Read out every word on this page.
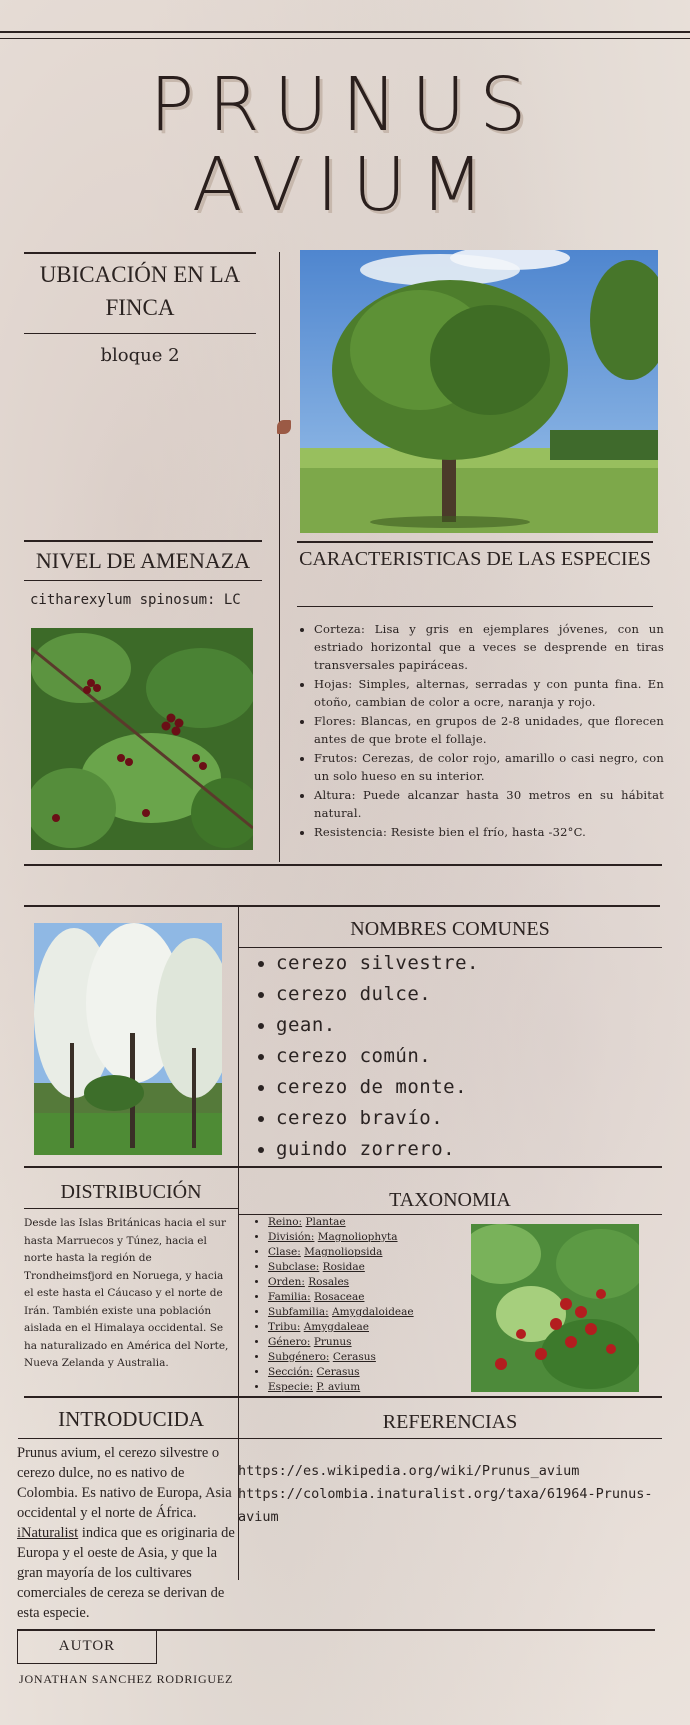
PRUNUS
AVIUM
UBICACIÓN EN LA FINCA
bloque 2
NIVEL DE AMENAZA
citharexylum spinosum: LC
CARACTERISTICAS DE LAS ESPECIES
• Corteza: Lisa y gris en ejemplares jóvenes, con un estriado horizontal que a veces se desprende en tiras transversales papiráceas.
• Hojas: Simples, alternas, serradas y con punta fina. En otoño, cambian de color a ocre, naranja y rojo.
• Flores: Blancas, en grupos de 2-8 unidades, que florecen antes de que brote el follaje.
• Frutos: Cerezas, de color rojo, amarillo o casi negro, con un solo hueso en su interior.
• Altura: Puede alcanzar hasta 30 metros en su hábitat natural.
• Resistencia: Resiste bien el frío, hasta -32°C.
NOMBRES COMUNES
• cerezo silvestre.
• cerezo dulce.
• gean.
• cerezo común.
• cerezo de monte.
• cerezo bravío.
• guindo zorrero.
DISTRIBUCIÓN
Desde las Islas Británicas hacia el sur hasta Marruecos y Túnez, hacia el norte hasta la región de Trondheimsfjord en Noruega, y hacia el este hasta el Cáucaso y el norte de Irán. También existe una población aislada en el Himalaya occidental. Se ha naturalizado en América del Norte, Nueva Zelanda y Australia.
TAXONOMIA
• Reino: Plantae
• División: Magnoliophyta
• Clase: Magnoliopsida
• Subclase: Rosidae
• Orden: Rosales
• Familia: Rosaceae
• Subfamilia: Amygdaloideae
• Tribu: Amygdaleae
• Género: Prunus
• Subgénero: Cerasus
• Sección: Cerasus
• Especie: P. avium
INTRODUCIDA
Prunus avium, el cerezo silvestre o cerezo dulce, no es nativo de Colombia. Es nativo de Europa, Asia occidental y el norte de África. iNaturalist indica que es originaria de Europa y el oeste de Asia, y que la gran mayoría de los cultivares comerciales de cereza se derivan de esta especie.
REFERENCIAS
https://es.wikipedia.org/wiki/Prunus_avium
https://colombia.inaturalist.org/taxa/61964-Prunus-avium
AUTOR
JONATHAN SANCHEZ RODRIGUEZ
